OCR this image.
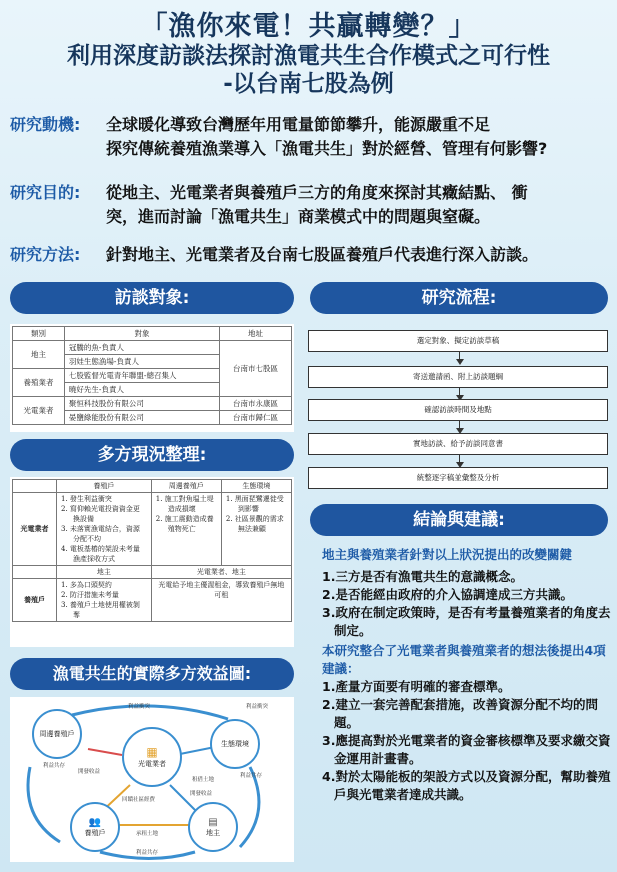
「漁你來電！共贏轉變？」
利用深度訪談法探討漁電共生合作模式之可行性
-以台南七股為例
研究動機: 全球暖化導致台灣歷年用電量節節攀升，能源嚴重不足
探究傳統養殖漁業導入「漁電共生」對於經營、管理有何影響?
研究目的: 從地主、光電業者與養殖戶三方的角度來探討其癥結點、 衝
突，進而討論「漁電共生」商業模式中的問題與窒礙。
研究方法: 針對地主、光電業者及台南七股區養殖戶代表進行深入訪談。
訪談對象:
類別	對象	地址
地主	冠騰的魚-負責人	台南市七股區
	羽娃生態漁場-負責人	
養殖業者	七股監督光電青年聯盟-總召集人	
	曉好先生-負責人	
光電業者	聚恒科技股份有限公司	台南市永康區
	晏鹽綠能股份有限公司	台南市歸仁區
多方現況整理:
	養殖戶	周邊養殖戶	生態環境
光電業者	1. 發生利益衝突
2. 寫仰賴光電投資資金更換設備
3. 未落實漁電結合，資源分配不均
4. 電板基樁的架設未考量漁產採收方式	1. 施工對魚塭土堤造成損壞
2. 施工震動造成養殖物死亡	1. 黑面琵鷺遷徙受到影響
2. 社區景觀的需求無法兼顧

	地主	光電業者、地主	
養殖戶	1. 多為口頭契約
2. 防汙措施未考量
3. 養殖戶土地使用權被剝奪	光電給予地主優渥租金，導致養殖戶無地可租	
漁電共生的實際多方效益圖:
周邊養殖戶
▦
光電業者
生態環境
👥
養殖戶
▤
地主
利益衝突	利益衝突
利益共存
利益共存
租借土地
開發收益
回饋社區經費
開發收益
承租土地
利益共存
研究流程:
選定對象、擬定訪談草稿
寄送邀請函、附上訪談題綱
確認訪談時間及地點
實地訪談、給予訪談同意書
統整逐字稿並彙整及分析
結論與建議:
地主與養殖業者針對以上狀況提出的改變關鍵
1.三方是否有漁電共生的意識概念。
2.是否能經由政府的介入協調達成三方共識。
3.政府在制定政策時，是否有考量養殖業者的角度去制定。
本研究整合了光電業者與養殖業者的想法後提出4項建議：
1.產量方面要有明確的審查標準。
2.建立一套完善配套措施，改善資源分配不均的問題。
3.應提高對於光電業者的資金審核標準及要求繳交資金運用計畫書。
4.對於太陽能板的架設方式以及資源分配，幫助養殖戶與光電業者達成共識。
